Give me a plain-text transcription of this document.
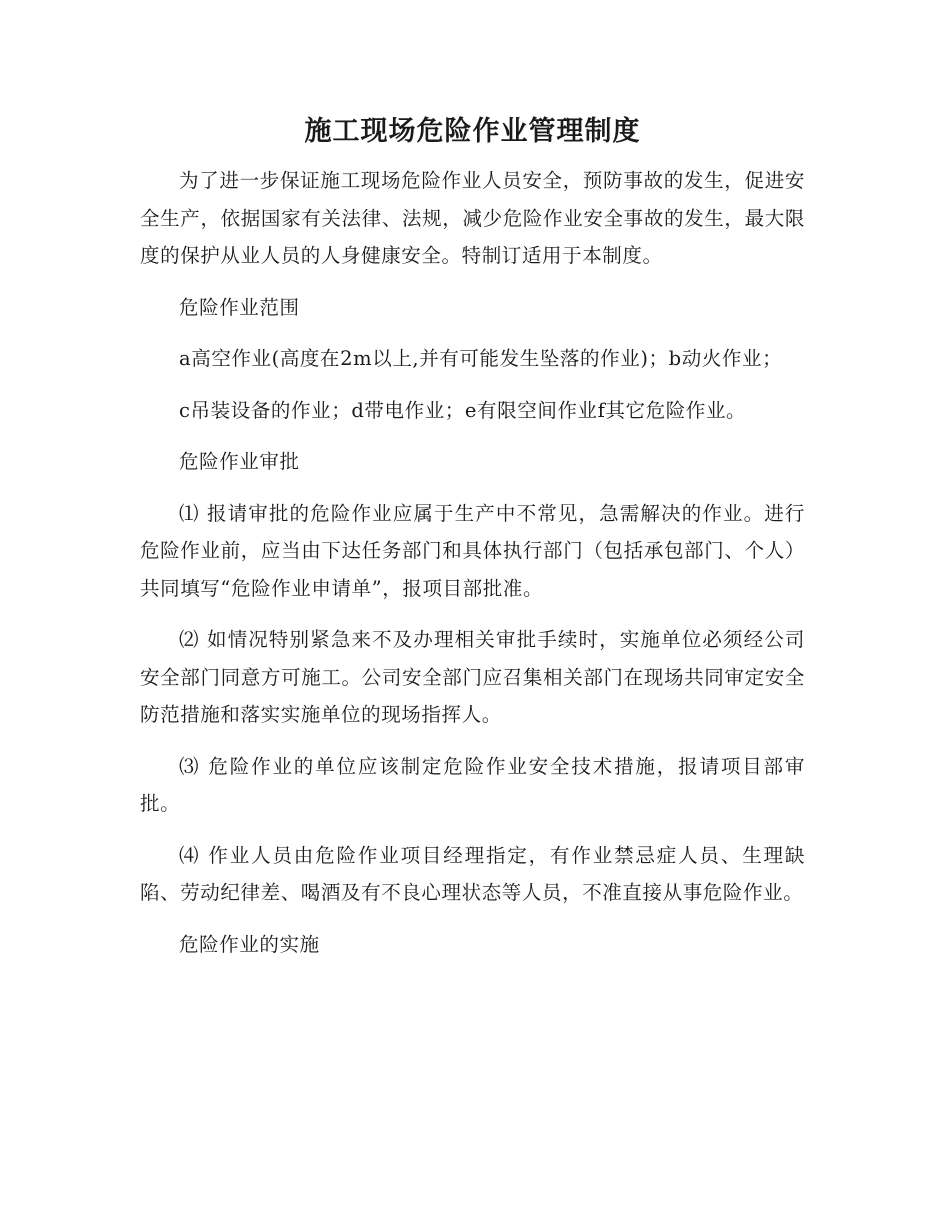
施工现场危险作业管理制度

为了进一步保证施工现场危险作业人员安全，预防事故的发生，促进安全生产，依据国家有关法律、法规，减少危险作业安全事故的发生，最大限度的保护从业人员的人身健康安全。特制订适用于本制度。

危险作业范围

a高空作业(高度在2m以上,并有可能发生坠落的作业)；b动火作业；

c吊装设备的作业；d带电作业；e有限空间作业f其它危险作业。

危险作业审批

⑴ 报请审批的危险作业应属于生产中不常见，急需解决的作业。进行危险作业前，应当由下达任务部门和具体执行部门（包括承包部门、个人）共同填写“危险作业申请单”，报项目部批准。

⑵ 如情况特别紧急来不及办理相关审批手续时，实施单位必须经公司安全部门同意方可施工。公司安全部门应召集相关部门在现场共同审定安全防范措施和落实实施单位的现场指挥人。

⑶ 危险作业的单位应该制定危险作业安全技术措施，报请项目部审批。

⑷ 作业人员由危险作业项目经理指定，有作业禁忌症人员、生理缺陷、劳动纪律差、喝酒及有不良心理状态等人员，不准直接从事危险作业。

危险作业的实施
